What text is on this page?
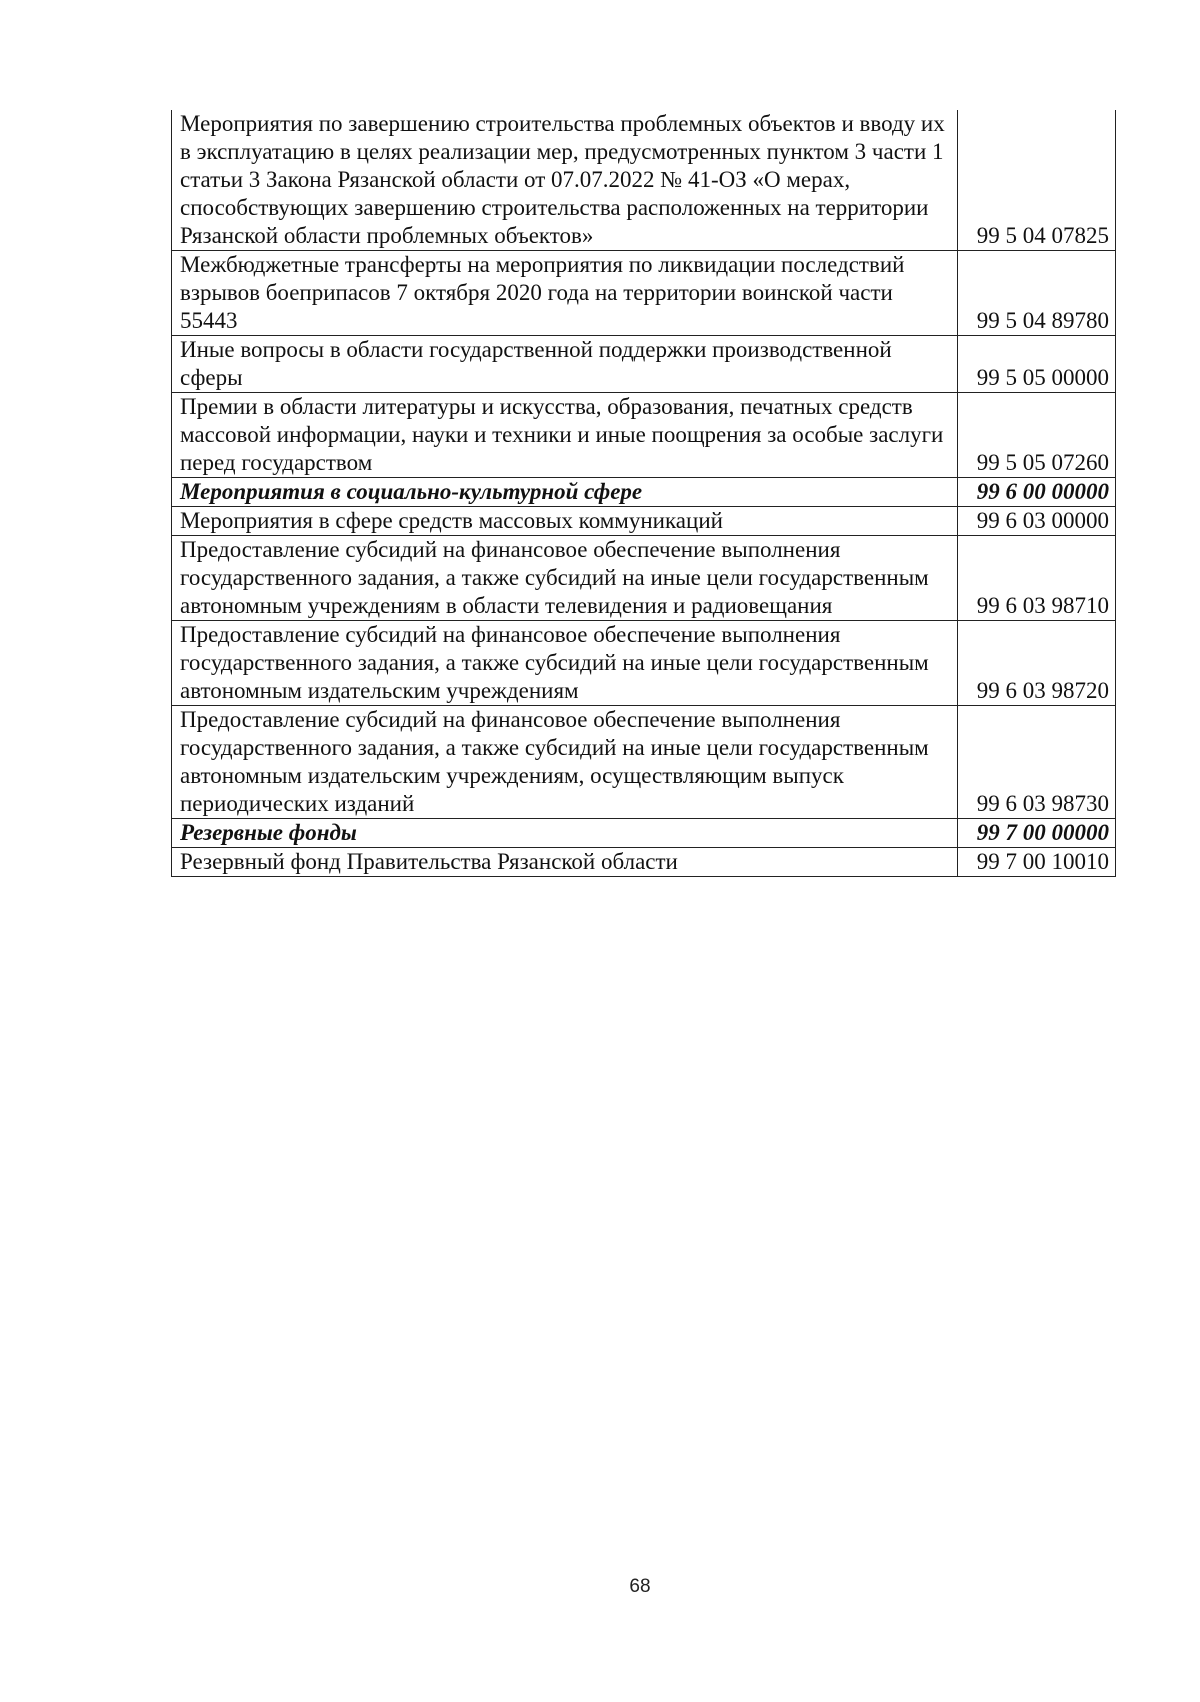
Мероприятия по завершению строительства проблемных объектов и вводу их в эксплуатацию в целях реализации мер, предусмотренных пунктом 3 части 1 статьи 3 Закона Рязанской области от 07.07.2022 № 41-ОЗ «О мерах, способствующих завершению строительства расположенных на территории Рязанской области проблемных объектов»	99 5 04 07825
Межбюджетные трансферты на мероприятия по ликвидации последствий взрывов боеприпасов 7 октября 2020 года на территории воинской части 55443	99 5 04 89780
Иные вопросы в области государственной поддержки производственной сферы	99 5 05 00000
Премии в области литературы и искусства, образования, печатных средств массовой информации, науки и техники и иные поощрения за особые заслуги перед государством	99 5 05 07260
Мероприятия в социально-культурной сфере	99 6 00 00000
Мероприятия в сфере средств массовых коммуникаций	99 6 03 00000
Предоставление субсидий на финансовое обеспечение выполнения государственного задания, а также субсидий на иные цели государственным автономным учреждениям в области телевидения и радиовещания	99 6 03 98710
Предоставление субсидий на финансовое обеспечение выполнения государственного задания, а также субсидий на иные цели государственным автономным издательским учреждениям	99 6 03 98720
Предоставление субсидий на финансовое обеспечение выполнения государственного задания, а также субсидий на иные цели государственным автономным издательским учреждениям, осуществляющим выпуск периодических изданий	99 6 03 98730
Резервные фонды	99 7 00 00000
Резервный фонд Правительства Рязанской области	99 7 00 10010
68
